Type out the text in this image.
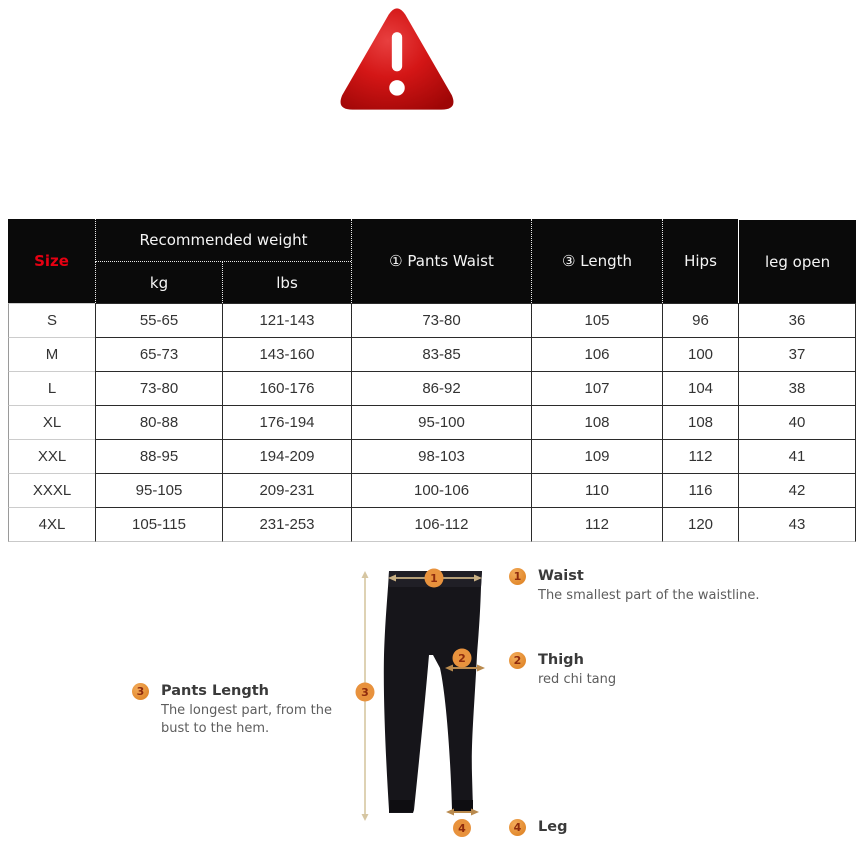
Size	Recommended weight		① Pants Waist	③ Length	Hips	leg open
	kg	lbs				
S	55-65	121-143	73-80	105	96	36
M	65-73	143-160	83-85	106	100	37
L	73-80	160-176	86-92	107	104	38
XL	80-88	176-194	95-100	108	108	40
XXL	88-95	194-209	98-103	109	112	41
XXXL	95-105	209-231	100-106	110	116	42
4XL	105-115	231-253	106-112	112	120	43
1
2
3
4
1	Waist
The smallest part of the waistline.
2	Thigh
red chi tang
3	Pants Length
The longest part, from the bust to the hem.
4	Leg
